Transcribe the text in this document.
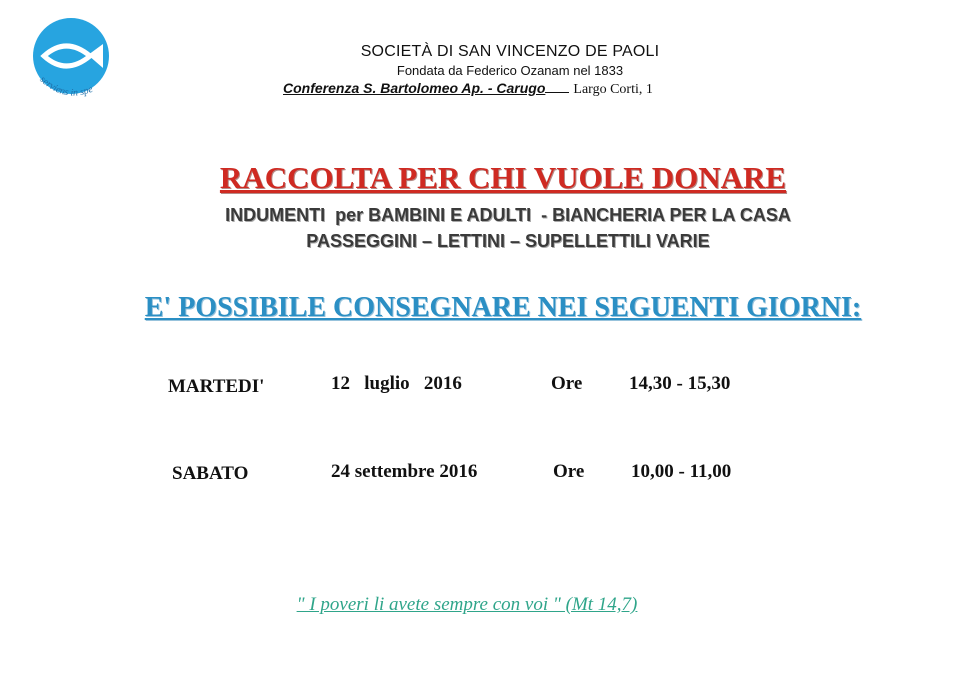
serviens in spe
SOCIETÀ DI SAN VINCENZO DE PAOLI
Fondata da Federico Ozanam nel 1833
Conferenza S. Bartolomeo Ap. - Carugo Largo Corti, 1
RACCOLTA PER CHI VUOLE DONARE
INDUMENTI  per BAMBINI E ADULTI  - BIANCHERIA PER LA CASA
PASSEGGINI – LETTINI – SUPELLETTILI VARIE
E' POSSIBILE CONSEGNARE NEI SEGUENTI GIORNI:
MARTEDI'	12   luglio   2016	Ore 14,30 - 15,30
SABATO	24 settembre 2016	Ore 10,00 - 11,00
" I poveri li avete sempre con voi " (Mt 14,7)
